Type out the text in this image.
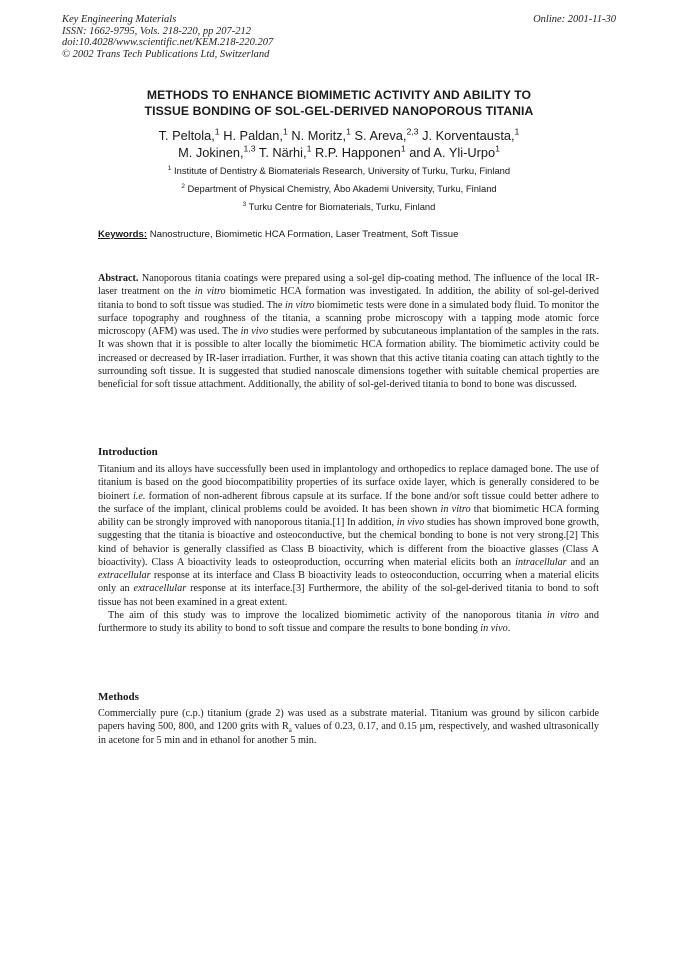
Key Engineering Materials
ISSN: 1662-9795, Vols. 218-220, pp 207-212
doi:10.4028/www.scientific.net/KEM.218-220.207
© 2002 Trans Tech Publications Ltd, Switzerland
Online: 2001-11-30
METHODS TO ENHANCE BIOMIMETIC ACTIVITY AND ABILITY TO
TISSUE BONDING OF SOL-GEL-DERIVED NANOPOROUS TITANIA
T. Peltola,$^1$ H. Paldan,$^1$ N. Moritz,$^1$ S. Areva,$^{2,3}$ J. Korventausta,$^1$
M. Jokinen,$^{1,3}$ T. Närhi,$^1$ R.P. Happonen$^1$ and A. Yli-Urpo$^1$
$^1$ Institute of Dentistry & Biomaterials Research, University of Turku, Turku, Finland
$^2$ Department of Physical Chemistry, Åbo Akademi University, Turku, Finland
$^3$ Turku Centre for Biomaterials, Turku, Finland
Keywords: Nanostructure, Biomimetic HCA Formation, Laser Treatment, Soft Tissue
Abstract. Nanoporous titania coatings were prepared using a sol-gel dip-coating method. The influence of the local IR-laser treatment on the in vitro biomimetic HCA formation was investigated. In addition, the ability of sol-gel-derived titania to bond to soft tissue was studied. The in vitro biomimetic tests were done in a simulated body fluid. To monitor the surface topography and roughness of the titania, a scanning probe microscopy with a tapping mode atomic force microscopy (AFM) was used. The in vivo studies were performed by subcutaneous implantation of the samples in the rats. It was shown that it is possible to alter locally the biomimetic HCA formation ability. The biomimetic activity could be increased or decreased by IR-laser irradiation. Further, it was shown that this active titania coating can attach tightly to the surrounding soft tissue. It is suggested that studied nanoscale dimensions together with suitable chemical properties are beneficial for soft tissue attachment. Additionally, the ability of sol-gel-derived titania to bond to bone was discussed.
Introduction

Titanium and its alloys have successfully been used in implantology and orthopedics to replace damaged bone. The use of titanium is based on the good biocompatibility properties of its surface oxide layer, which is generally considered to be bioinert i.e. formation of non-adherent fibrous capsule at its surface. If the bone and/or soft tissue could better adhere to the surface of the implant, clinical problems could be avoided. It has been shown in vitro that biomimetic HCA forming ability can be strongly improved with nanoporous titania.[1] In addition, in vivo studies has shown improved bone growth, suggesting that the titania is bioactive and osteoconductive, but the chemical bonding to bone is not very strong.[2] This kind of behavior is generally classified as Class B bioactivity, which is different from the bioactive glasses (Class A bioactivity). Class A bioactivity leads to osteoproduction, occurring when material elicits both an intracellular and an extracellular response at its interface and Class B bioactivity leads to osteoconduction, occurring when a material elicits only an extracellular response at its interface.[3] Furthermore, the ability of the sol-gel-derived titania to bond to soft tissue has not been examined in a great extent.

The aim of this study was to improve the localized biomimetic activity of the nanoporous titania in vitro and furthermore to study its ability to bond to soft tissue and compare the results to bone bonding in vivo.

Methods

Commercially pure (c.p.) titanium (grade 2) was used as a substrate material. Titanium was ground by silicon carbide papers having 500, 800, and 1200 grits with $R_a$ values of 0.23, 0.17, and 0.15 µm, respectively, and washed ultrasonically in acetone for 5 min and in ethanol for another 5 min.
